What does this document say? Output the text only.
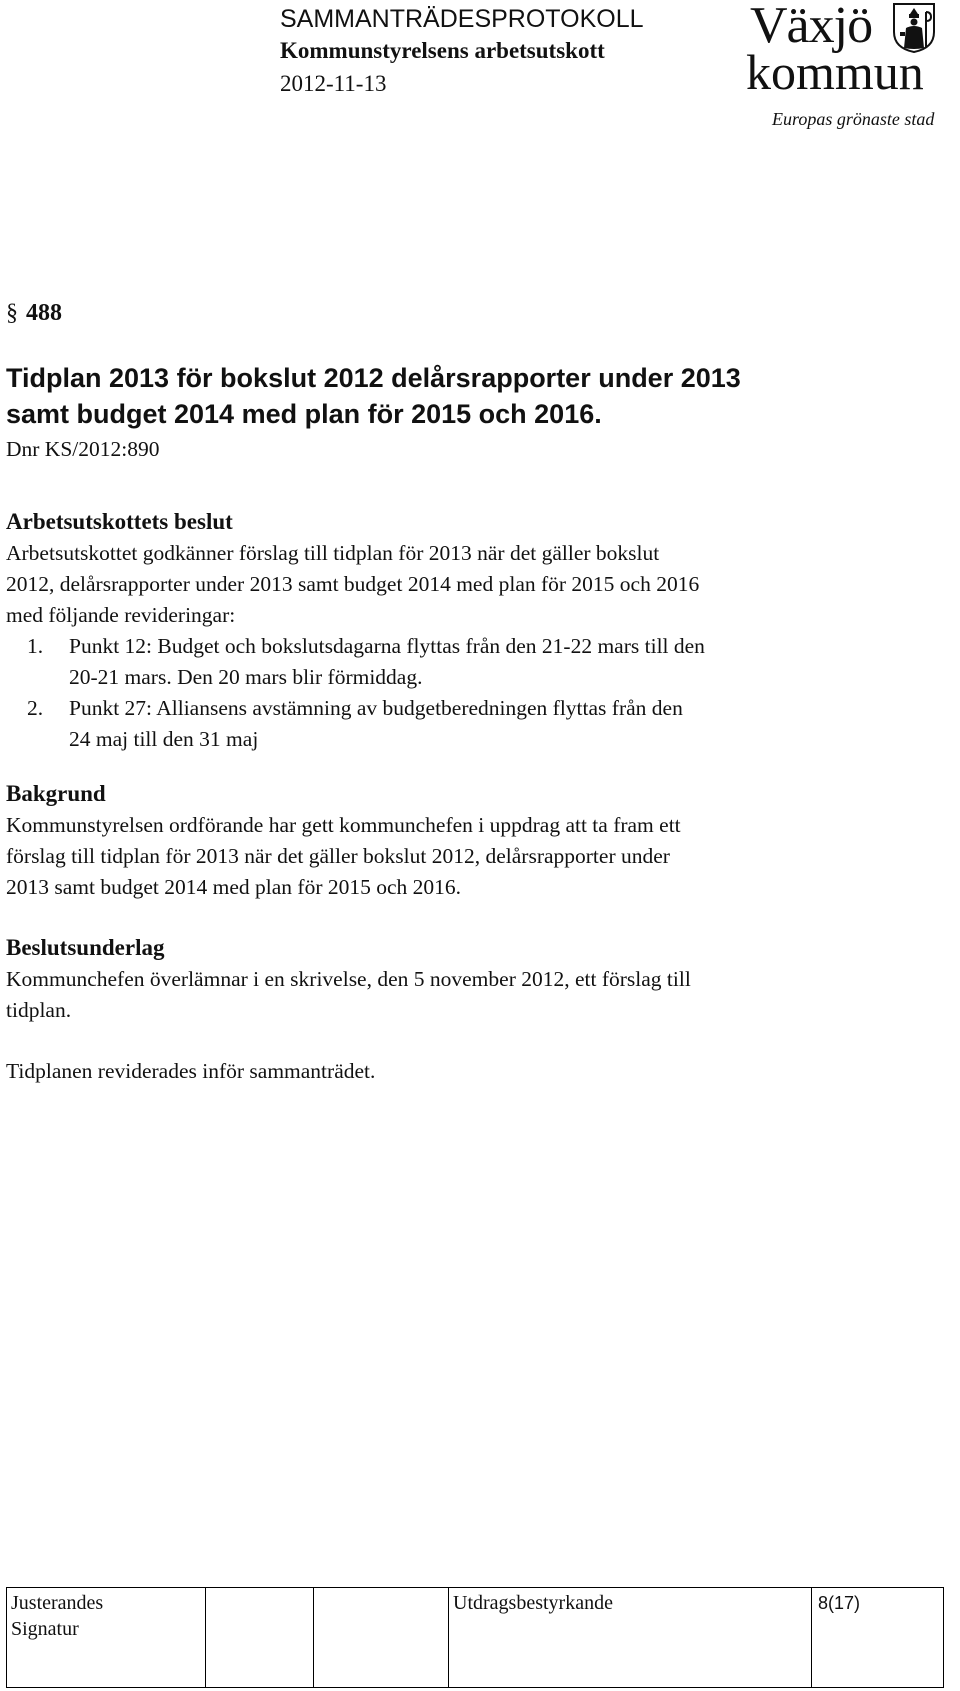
SAMMANTRÄDESPROTOKOLL
Kommunstyrelsens arbetsutskott
2012-11-13
Växjö
kommun
Europas grönaste stad
§ 488
Tidplan 2013 för bokslut 2012 delårsrapporter under 2013
samt budget 2014 med plan för 2015 och 2016.
Dnr KS/2012:890
Arbetsutskottets beslut
Arbetsutskottet godkänner förslag till tidplan för 2013 när det gäller bokslut
2012, delårsrapporter under 2013 samt budget 2014 med plan för 2015 och 2016
med följande revideringar:
1. Punkt 12: Budget och bokslutsdagarna flyttas från den 21-22 mars till den
20-21 mars. Den 20 mars blir förmiddag.
2. Punkt 27: Alliansens avstämning av budgetberedningen flyttas från den
24 maj till den 31 maj
Bakgrund
Kommunstyrelsen ordförande har gett kommunchefen i uppdrag att ta fram ett
förslag till tidplan för 2013 när det gäller bokslut 2012, delårsrapporter under
2013 samt budget 2014 med plan för 2015 och 2016.
Beslutsunderlag
Kommunchefen överlämnar i en skrivelse, den 5 november 2012, ett förslag till
tidplan.
Tidplanen reviderades inför sammanträdet.
Justerandes
Signatur

Utdragsbestyrkande	8(17)
